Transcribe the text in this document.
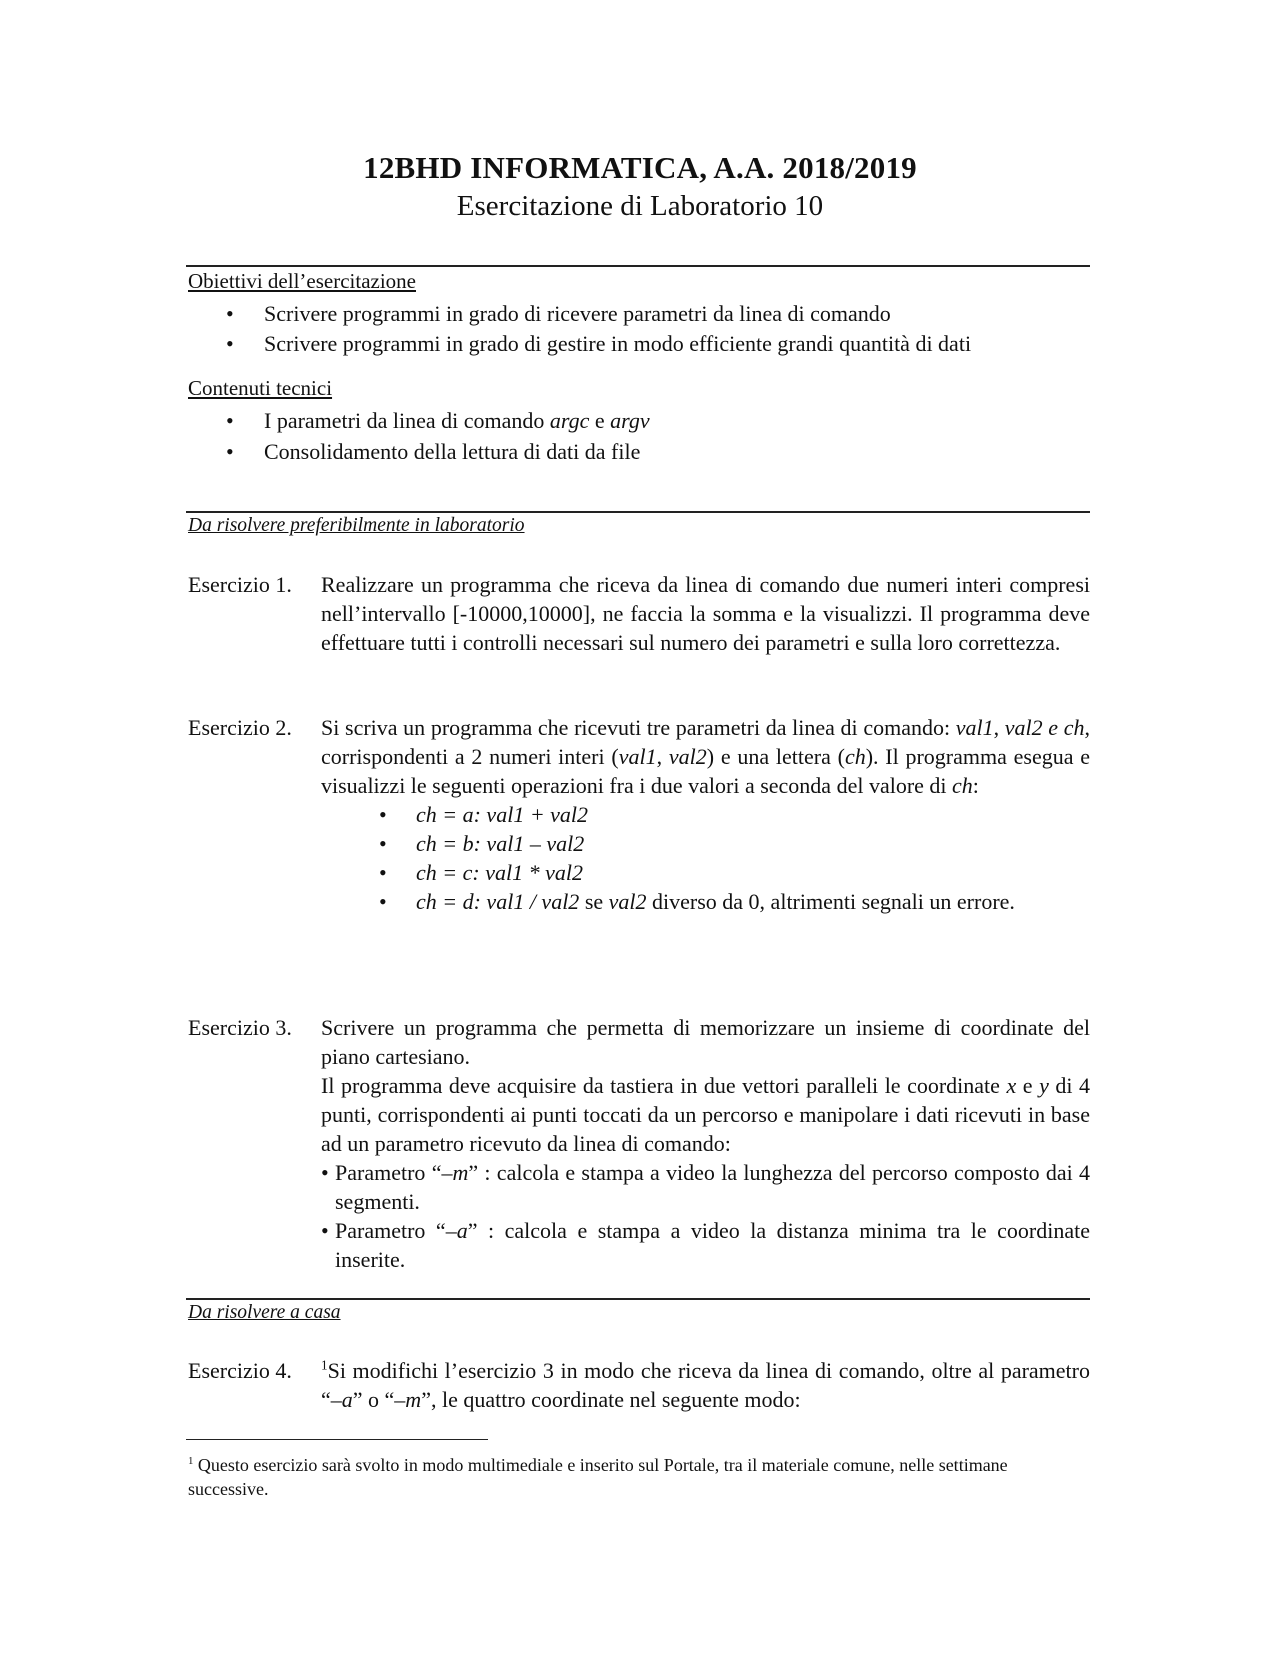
12BHD INFORMATICA, A.A. 2018/2019
Esercitazione di Laboratorio 10
Obiettivi dell’esercitazione
• Scrivere programmi in grado di ricevere parametri da linea di comando
• Scrivere programmi in grado di gestire in modo efficiente grandi quantità di dati
Contenuti tecnici
• I parametri da linea di comando argc e argv
• Consolidamento della lettura di dati da file
Da risolvere preferibilmente in laboratorio
Esercizio 1. Realizzare un programma che riceva da linea di comando due numeri interi compresi nell’intervallo [-10000,10000], ne faccia la somma e la visualizzi. Il programma deve effettuare tutti i controlli necessari sul numero dei parametri e sulla loro correttezza.

Esercizio 2. Si scriva un programma che ricevuti tre parametri da linea di comando: val1, val2 e ch, corrispondenti a 2 numeri interi (val1, val2) e una lettera (ch). Il programma esegua e visualizzi le seguenti operazioni fra i due valori a seconda del valore di ch:

• ch = a: val1 + val2
• ch = b: val1 – val2
• ch = c: val1 * val2
• ch = d: val1 / val2 se val2 diverso da 0, altrimenti segnali un errore.
Esercizio 3. Scrivere un programma che permetta di memorizzare un insieme di coordinate del piano cartesiano.

Il programma deve acquisire da tastiera in due vettori paralleli le coordinate x e y di 4 punti, corrispondenti ai punti toccati da un percorso e manipolare i dati ricevuti in base ad un parametro ricevuto da linea di comando:

• Parametro “–m” : calcola e stampa a video la lunghezza del percorso composto dai 4 segmenti.
• Parametro “–a” : calcola e stampa a video la distanza minima tra le coordinate inserite.
Da risolvere a casa
Esercizio 4. $^1$Si modifichi l’esercizio 3 in modo che riceva da linea di comando, oltre al parametro “–a” o “–m”, le quattro coordinate nel seguente modo:

$^1$ Questo esercizio sarà svolto in modo multimediale e inserito sul Portale, tra il materiale comune, nelle settimane successive.
